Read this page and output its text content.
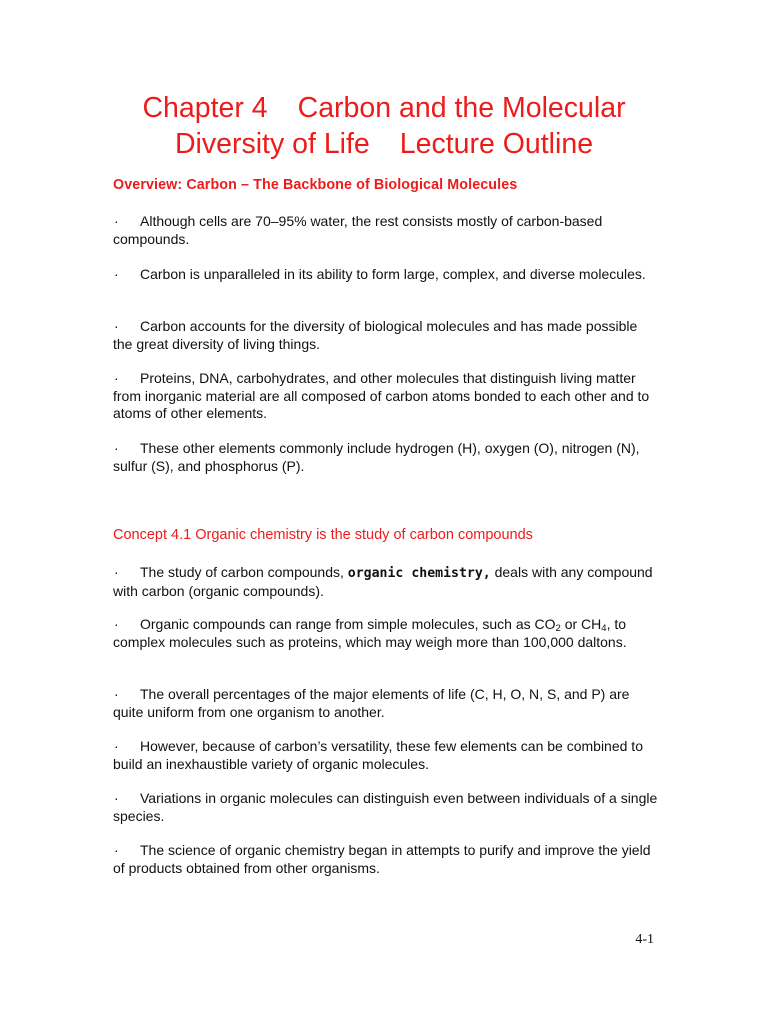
Chapter 4 Carbon and the Molecular
Diversity of Life Lecture Outline
Overview: Carbon – The Backbone of Biological Molecules

· Although cells are 70–95% water, the rest consists mostly of carbon-based compounds.

· Carbon is unparalleled in its ability to form large, complex, and diverse molecules.

· Carbon accounts for the diversity of biological molecules and has made possible the great diversity of living things.

· Proteins, DNA, carbohydrates, and other molecules that distinguish living matter from inorganic material are all composed of carbon atoms bonded to each other and to atoms of other elements.

· These other elements commonly include hydrogen (H), oxygen (O), nitrogen (N), sulfur (S), and phosphorus (P).

Concept 4.1 Organic chemistry is the study of carbon compounds

· The study of carbon compounds, organic chemistry, deals with any compound with carbon (organic compounds).

· Organic compounds can range from simple molecules, such as $CO_2$ or $CH_4$, to complex molecules such as proteins, which may weigh more than 100,000 daltons.

· The overall percentages of the major elements of life (C, H, O, N, S, and P) are quite uniform from one organism to another.

· However, because of carbon’s versatility, these few elements can be combined to build an inexhaustible variety of organic molecules.

· Variations in organic molecules can distinguish even between individuals of a single species.

· The science of organic chemistry began in attempts to purify and improve the yield of products obtained from other organisms.

4-1
